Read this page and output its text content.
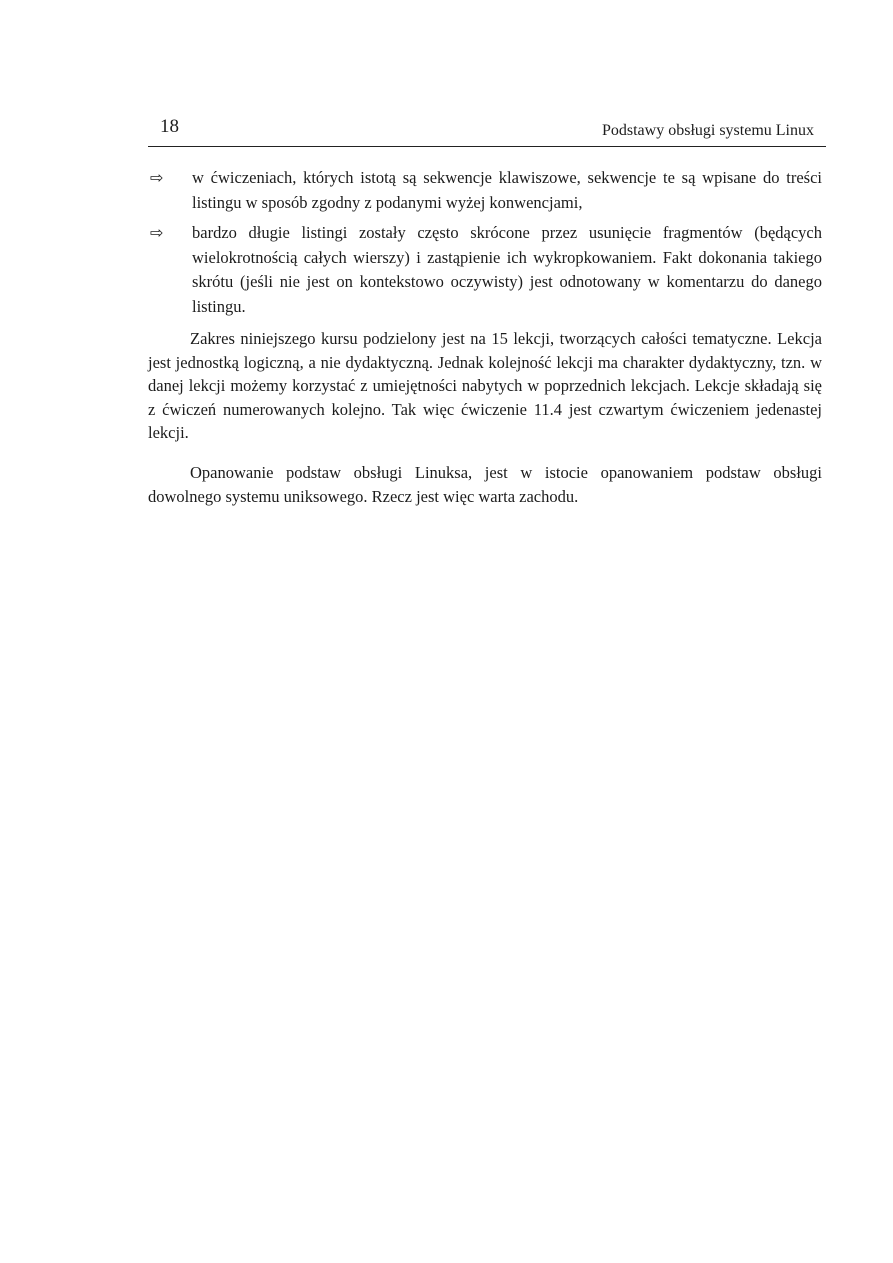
18	Podstawy obsługi systemu Linux
⇨ w ćwiczeniach, których istotą są sekwencje klawiszowe, sekwencje te są wpisane do treści listingu w sposób zgodny z podanymi wyżej konwencjami,
⇨ bardzo długie listingi zostały często skrócone przez usunięcie fragmentów (będących wielokrotnością całych wierszy) i zastąpienie ich wykropkowaniem. Fakt dokonania takiego skrótu (jeśli nie jest on kontekstowo oczywisty) jest odnotowany w komentarzu do danego listingu.

Zakres niniejszego kursu podzielony jest na 15 lekcji, tworzących całości tematyczne. Lekcja jest jednostką logiczną, a nie dydaktyczną. Jednak kolejność lekcji ma charakter dydaktyczny, tzn. w danej lekcji możemy korzystać z umiejętności nabytych w poprzednich lekcjach. Lekcje składają się z ćwiczeń numerowanych kolejno. Tak więc ćwiczenie 11.4 jest czwartym ćwiczeniem jedenastej lekcji.

Opanowanie podstaw obsługi Linuksa, jest w istocie opanowaniem podstaw obsługi dowolnego systemu uniksowego. Rzecz jest więc warta zachodu.
